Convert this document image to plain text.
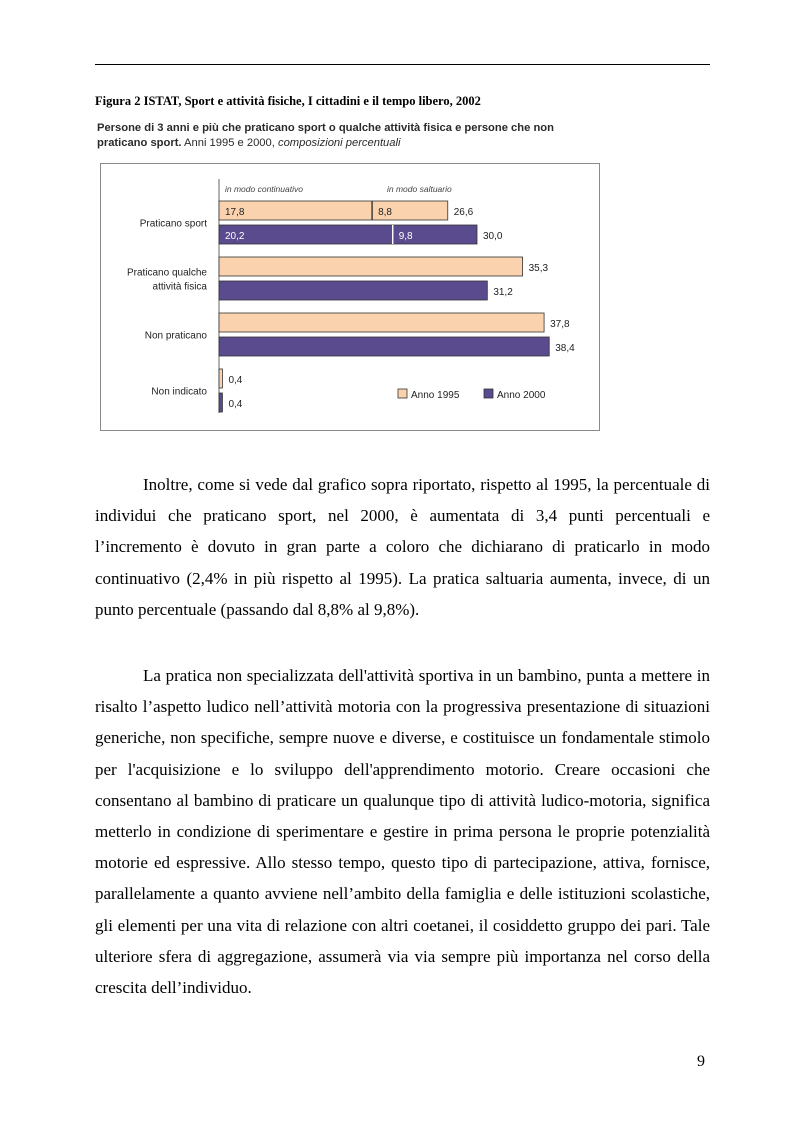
Figura 2 ISTAT, Sport e attività fisiche, I cittadini e il tempo libero, 2002
Persone di 3 anni e più che praticano sport o qualche attività fisica e persone che non praticano sport. Anni 1995 e 2000, composizioni percentuali
in modo continuativo	in modo saltuario
Praticano sport
17,8	8,8	26,6
20,2	9,8	30,0
Praticano qualche
attività fisica
35,3
31,2
Non praticano
37,8
38,4
Non indicato
0,4
0,4
Anno 1995	Anno 2000

Inoltre, come si vede dal grafico sopra riportato, rispetto al 1995, la percentuale di individui che praticano sport, nel 2000, è aumentata di 3,4 punti percentuali e l’incremento è dovuto in gran parte a coloro che dichiarano di praticarlo in modo continuativo (2,4% in più rispetto al 1995). La pratica saltuaria aumenta, invece, di un punto percentuale (passando dal 8,8% al 9,8%).

La pratica non specializzata dell'attività sportiva in un bambino, punta a mettere in risalto l’aspetto ludico nell’attività motoria con la progressiva presentazione di situazioni generiche, non specifiche, sempre nuove e diverse, e costituisce un fondamentale stimolo per l'acquisizione e lo sviluppo dell'apprendimento motorio. Creare occasioni che consentano al bambino di praticare un qualunque tipo di attività ludico-motoria, significa metterlo in condizione di sperimentare e gestire in prima persona le proprie potenzialità motorie ed espressive. Allo stesso tempo, questo tipo di partecipazione, attiva, fornisce, parallelamente a quanto avviene nell’ambito della famiglia e delle istituzioni scolastiche, gli elementi per una vita di relazione con altri coetanei, il cosiddetto gruppo dei pari. Tale ulteriore sfera di aggregazione, assumerà via via sempre più importanza nel corso della crescita dell’individuo.

9
